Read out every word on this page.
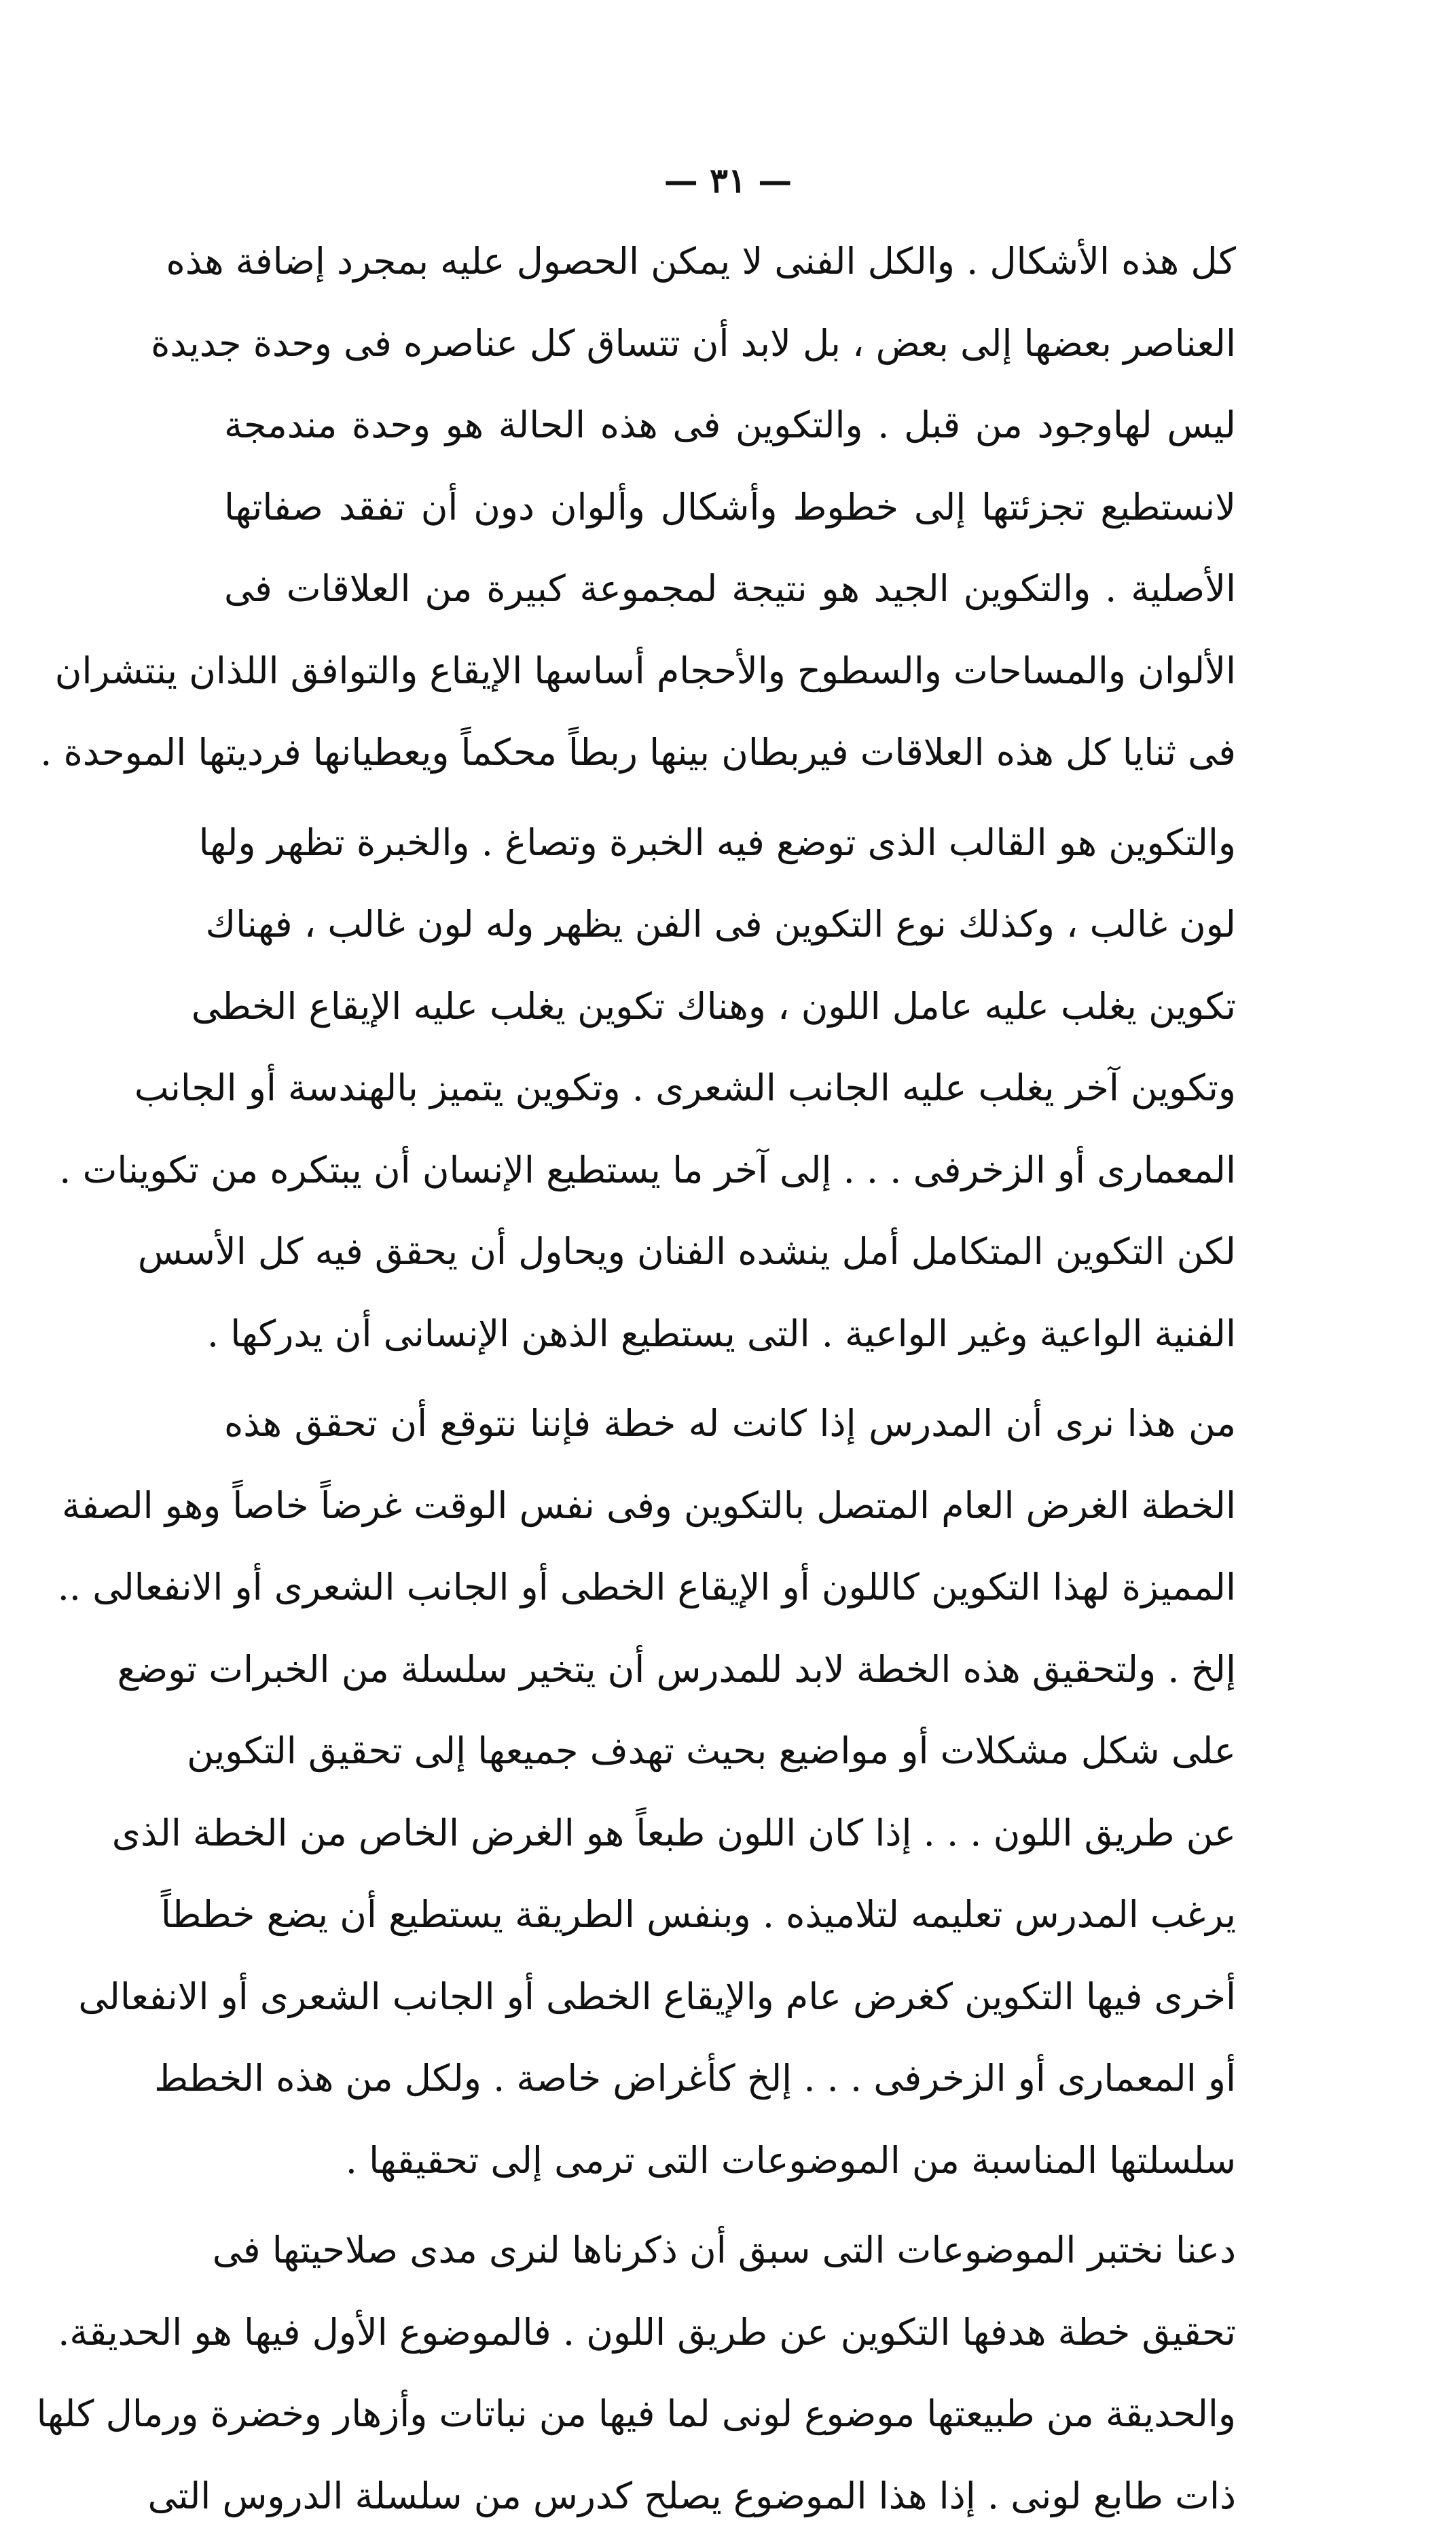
— ٣١ —
كل هذه الأشكال . والكل الفنى لا يمكن الحصول عليه بمجرد إضافة هذه
العناصر بعضها إلى بعض ، بل لابد أن تتساق كل عناصره فى وحدة جديدة
ليس لهاوجود من قبل . والتكوين فى هذه الحالة هو وحدة مندمجة
لانستطيع تجزئتها إلى خطوط وأشكال وألوان دون أن تفقد صفاتها
الأصلية . والتكوين الجيد هو نتيجة لمجموعة كبيرة من العلاقات فى
الألوان والمساحات والسطوح والأحجام أساسها الإيقاع والتوافق اللذان ينتشران
فى ثنايا كل هذه العلاقات فيربطان بينها ربطاً محكماً ويعطيانها فرديتها الموحدة .
والتكوين هو القالب الذى توضع فيه الخبرة وتصاغ . والخبرة تظهر ولها
لون غالب ، وكذلك نوع التكوين فى الفن يظهر وله لون غالب ، فهناك
تكوين يغلب عليه عامل اللون ، وهناك تكوين يغلب عليه الإيقاع الخطى
وتكوين آخر يغلب عليه الجانب الشعرى . وتكوين يتميز بالهندسة أو الجانب
المعمارى أو الزخرفى . . . إلى آخر ما يستطيع الإنسان أن يبتكره من تكوينات .
لكن التكوين المتكامل أمل ينشده الفنان ويحاول أن يحقق فيه كل الأسس
الفنية الواعية وغير الواعية . التى يستطيع الذهن الإنسانى أن يدركها .
من هذا نرى أن المدرس إذا كانت له خطة فإننا نتوقع أن تحقق هذه
الخطة الغرض العام المتصل بالتكوين وفى نفس الوقت غرضاً خاصاً وهو الصفة
المميزة لهذا التكوين كاللون أو الإيقاع الخطى أو الجانب الشعرى أو الانفعالى ..
إلخ . ولتحقيق هذه الخطة لابد للمدرس أن يتخير سلسلة من الخبرات توضع
على شكل مشكلات أو مواضيع بحيث تهدف جميعها إلى تحقيق التكوين
عن طريق اللون . . . إذا كان اللون طبعاً هو الغرض الخاص من الخطة الذى
يرغب المدرس تعليمه لتلاميذه . وبنفس الطريقة يستطيع أن يضع خططاً
أخرى فيها التكوين كغرض عام والإيقاع الخطى أو الجانب الشعرى أو الانفعالى
أو المعمارى أو الزخرفى . . . إلخ كأغراض خاصة . ولكل من هذه الخطط
سلسلتها المناسبة من الموضوعات التى ترمى إلى تحقيقها .
دعنا نختبر الموضوعات التى سبق أن ذكرناها لنرى مدى صلاحيتها فى
تحقيق خطة هدفها التكوين عن طريق اللون . فالموضوع الأول فيها هو الحديقة.
والحديقة من طبيعتها موضوع لونى لما فيها من نباتات وأزهار وخضرة ورمال كلها
ذات طابع لونى . إذا هذا الموضوع يصلح كدرس من سلسلة الدروس التى
